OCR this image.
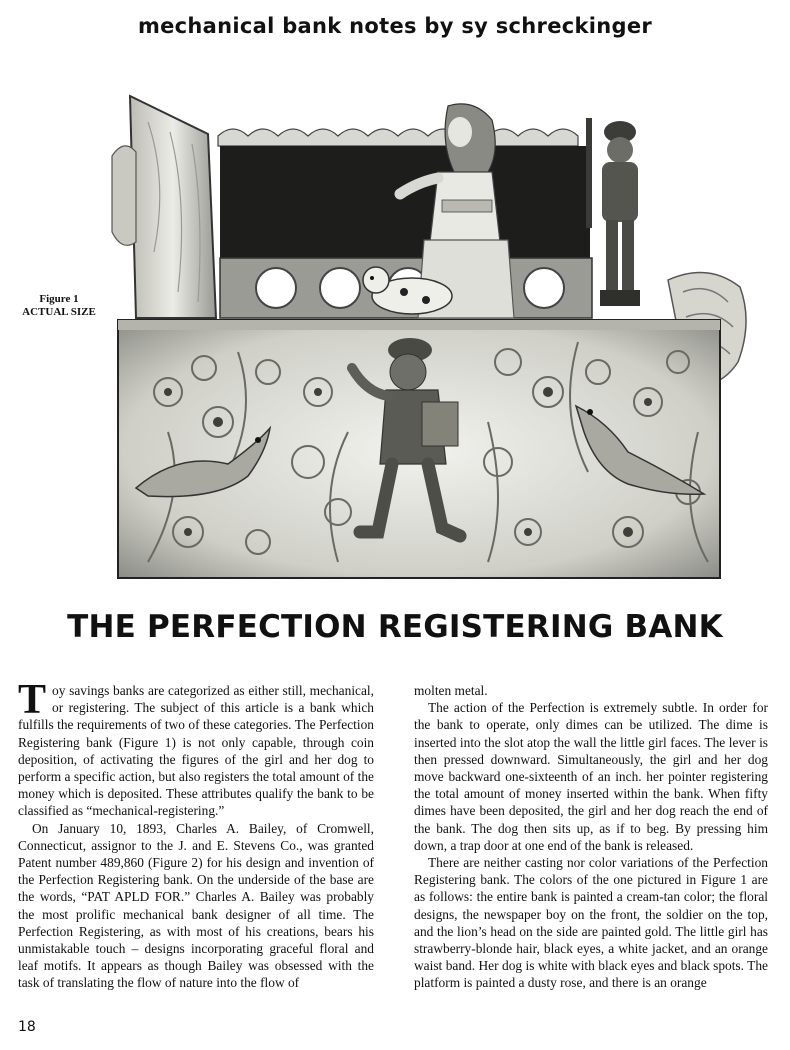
mechanical bank notes by sy schreckinger
Figure 1
ACTUAL SIZE
THE PERFECTION REGISTERING BANK

Toy savings banks are categorized as either still, mechanical, or registering. The subject of this article is a bank which fulfills the requirements of two of these categories. The Perfection Registering bank (Figure 1) is not only capable, through coin deposition, of activating the figures of the girl and her dog to perform a specific action, but also registers the total amount of the money which is deposited. These attributes qualify the bank to be classified as “mechanical-registering.”

On January 10, 1893, Charles A. Bailey, of Cromwell, Connecticut, assignor to the J. and E. Stevens Co., was granted Patent number 489,860 (Figure 2) for his design and invention of the Perfection Registering bank. On the underside of the base are the words, “PAT APLD FOR.” Charles A. Bailey was probably the most prolific mechanical bank designer of all time. The Perfection Registering, as with most of his creations, bears his unmistakable touch – designs incorporating graceful floral and leaf motifs. It appears as though Bailey was obsessed with the task of translating the flow of nature into the flow of

molten metal.

The action of the Perfection is extremely subtle. In order for the bank to operate, only dimes can be utilized. The dime is inserted into the slot atop the wall the little girl faces. The lever is then pressed downward. Simultaneously, the girl and her dog move backward one-sixteenth of an inch. her pointer registering the total amount of money inserted within the bank. When fifty dimes have been deposited, the girl and her dog reach the end of the bank. The dog then sits up, as if to beg. By pressing him down, a trap door at one end of the bank is released.

There are neither casting nor color variations of the Perfection Registering bank. The colors of the one pictured in Figure 1 are as follows: the entire bank is painted a cream-tan color; the floral designs, the newspaper boy on the front, the soldier on the top, and the lion’s head on the side are painted gold. The little girl has strawberry-blonde hair, black eyes, a white jacket, and an orange waist band. Her dog is white with black eyes and black spots. The platform is painted a dusty rose, and there is an orange

18
